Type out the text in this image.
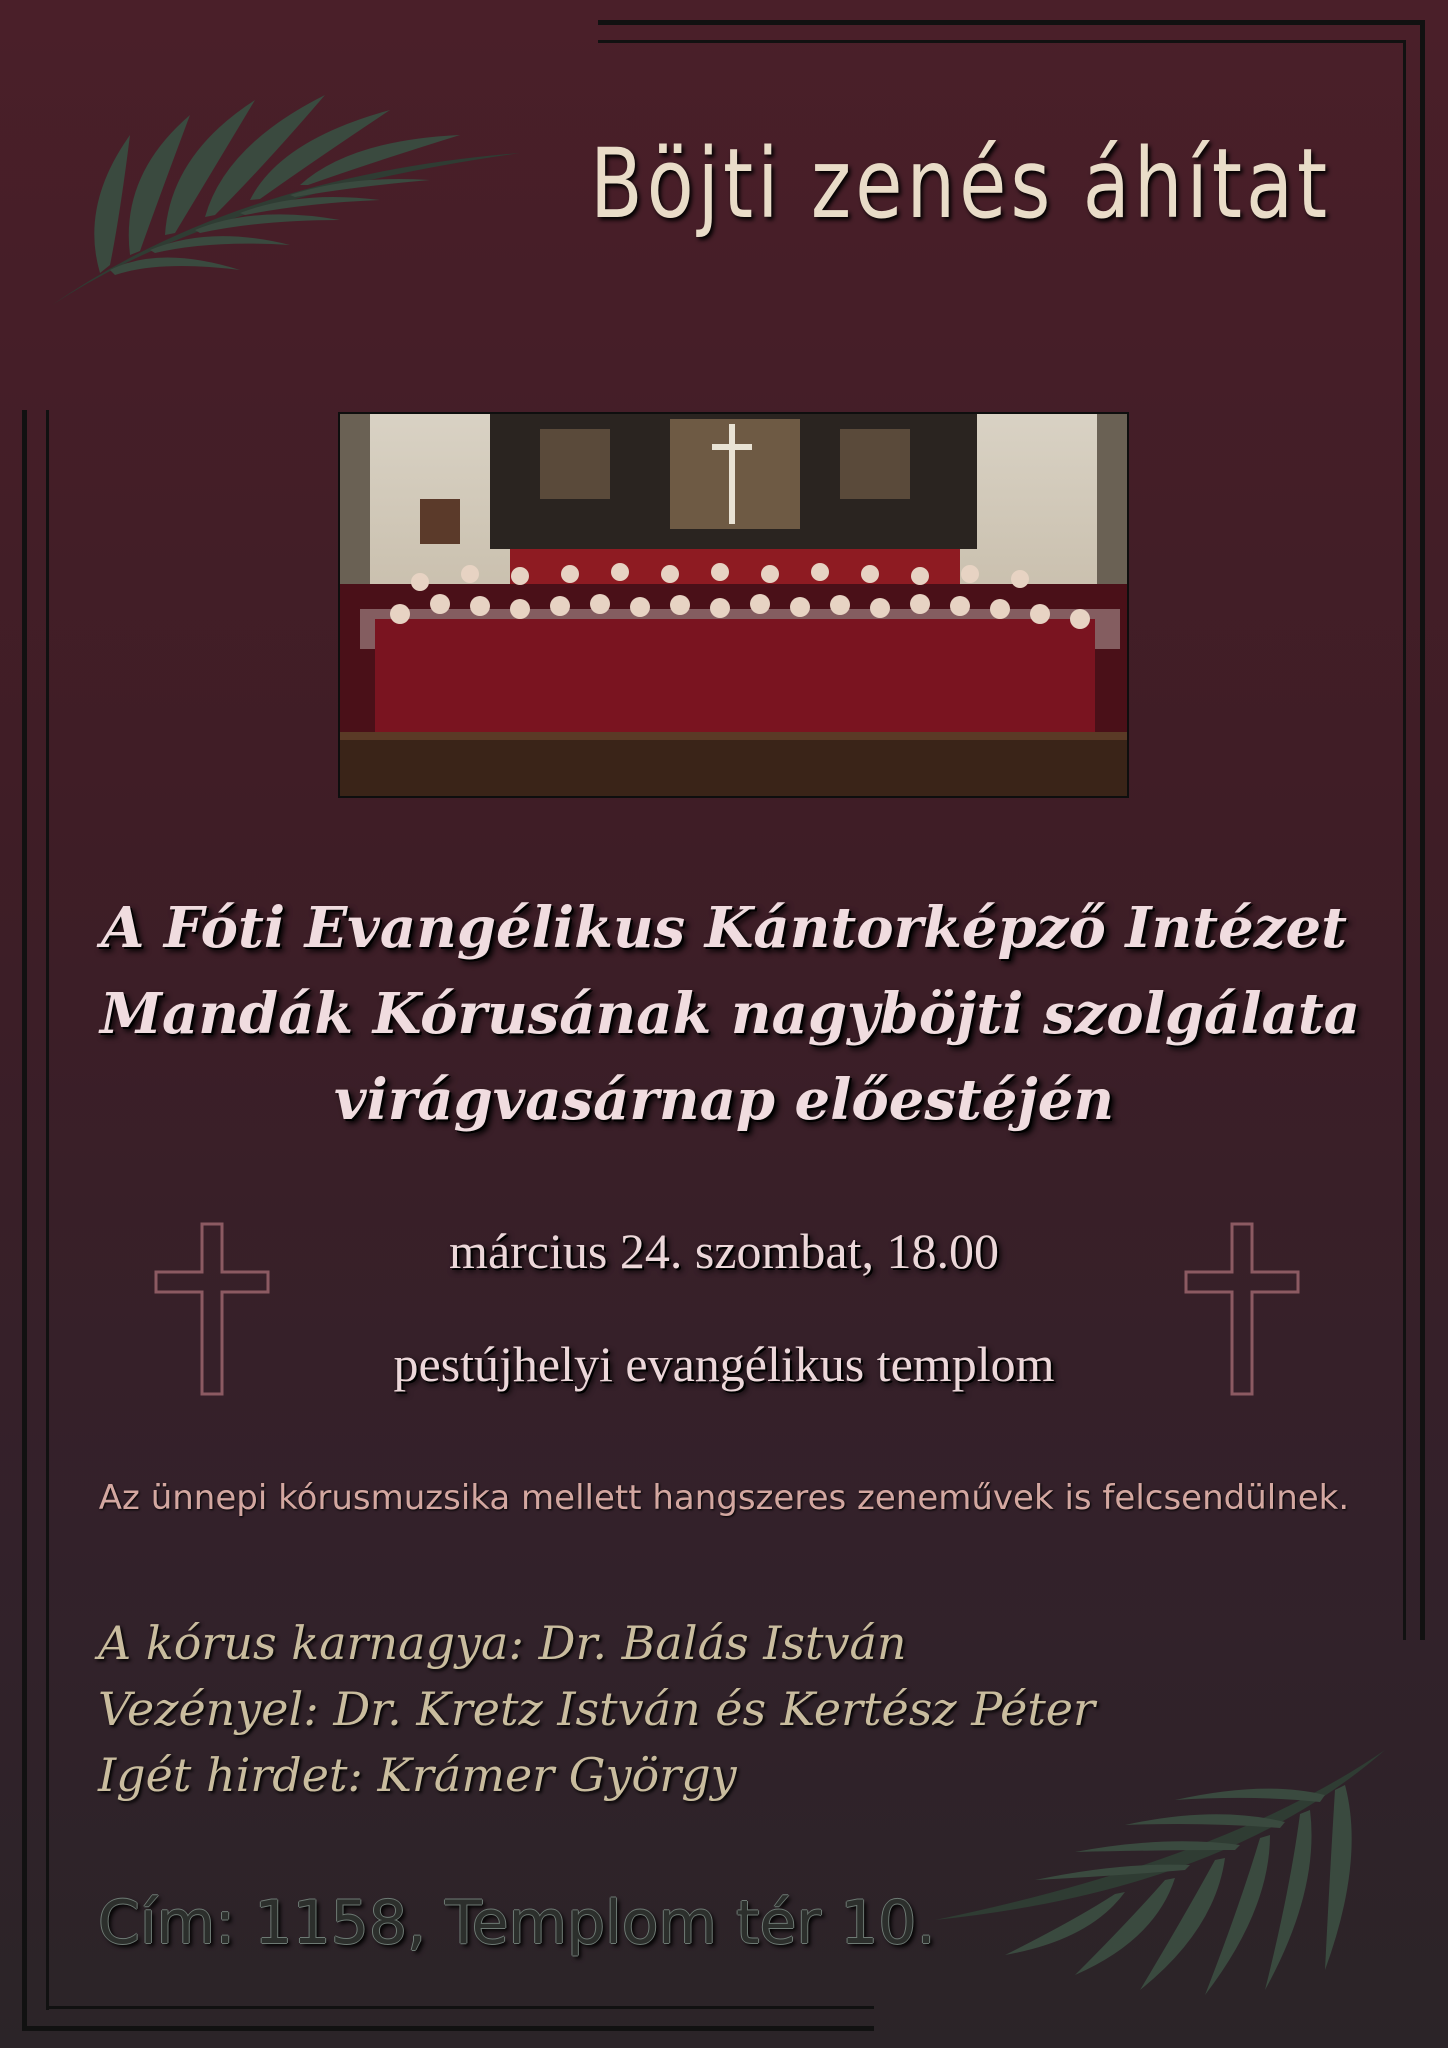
Böjti zenés áhítat
A Fóti Evangélikus Kántorképző Intézet
Mandák Kórusának nagyböjti szolgálata
virágvasárnap előestéjén
március 24. szombat, 18.00
pestújhelyi evangélikus templom
Az ünnepi kórusmuzsika mellett hangszeres zeneművek is felcsendülnek.
A kórus karnagya: Dr. Balás István
Vezényel: Dr. Kretz István és Kertész Péter
Igét hirdet: Krámer György
Cím: 1158, Templom tér 10.
